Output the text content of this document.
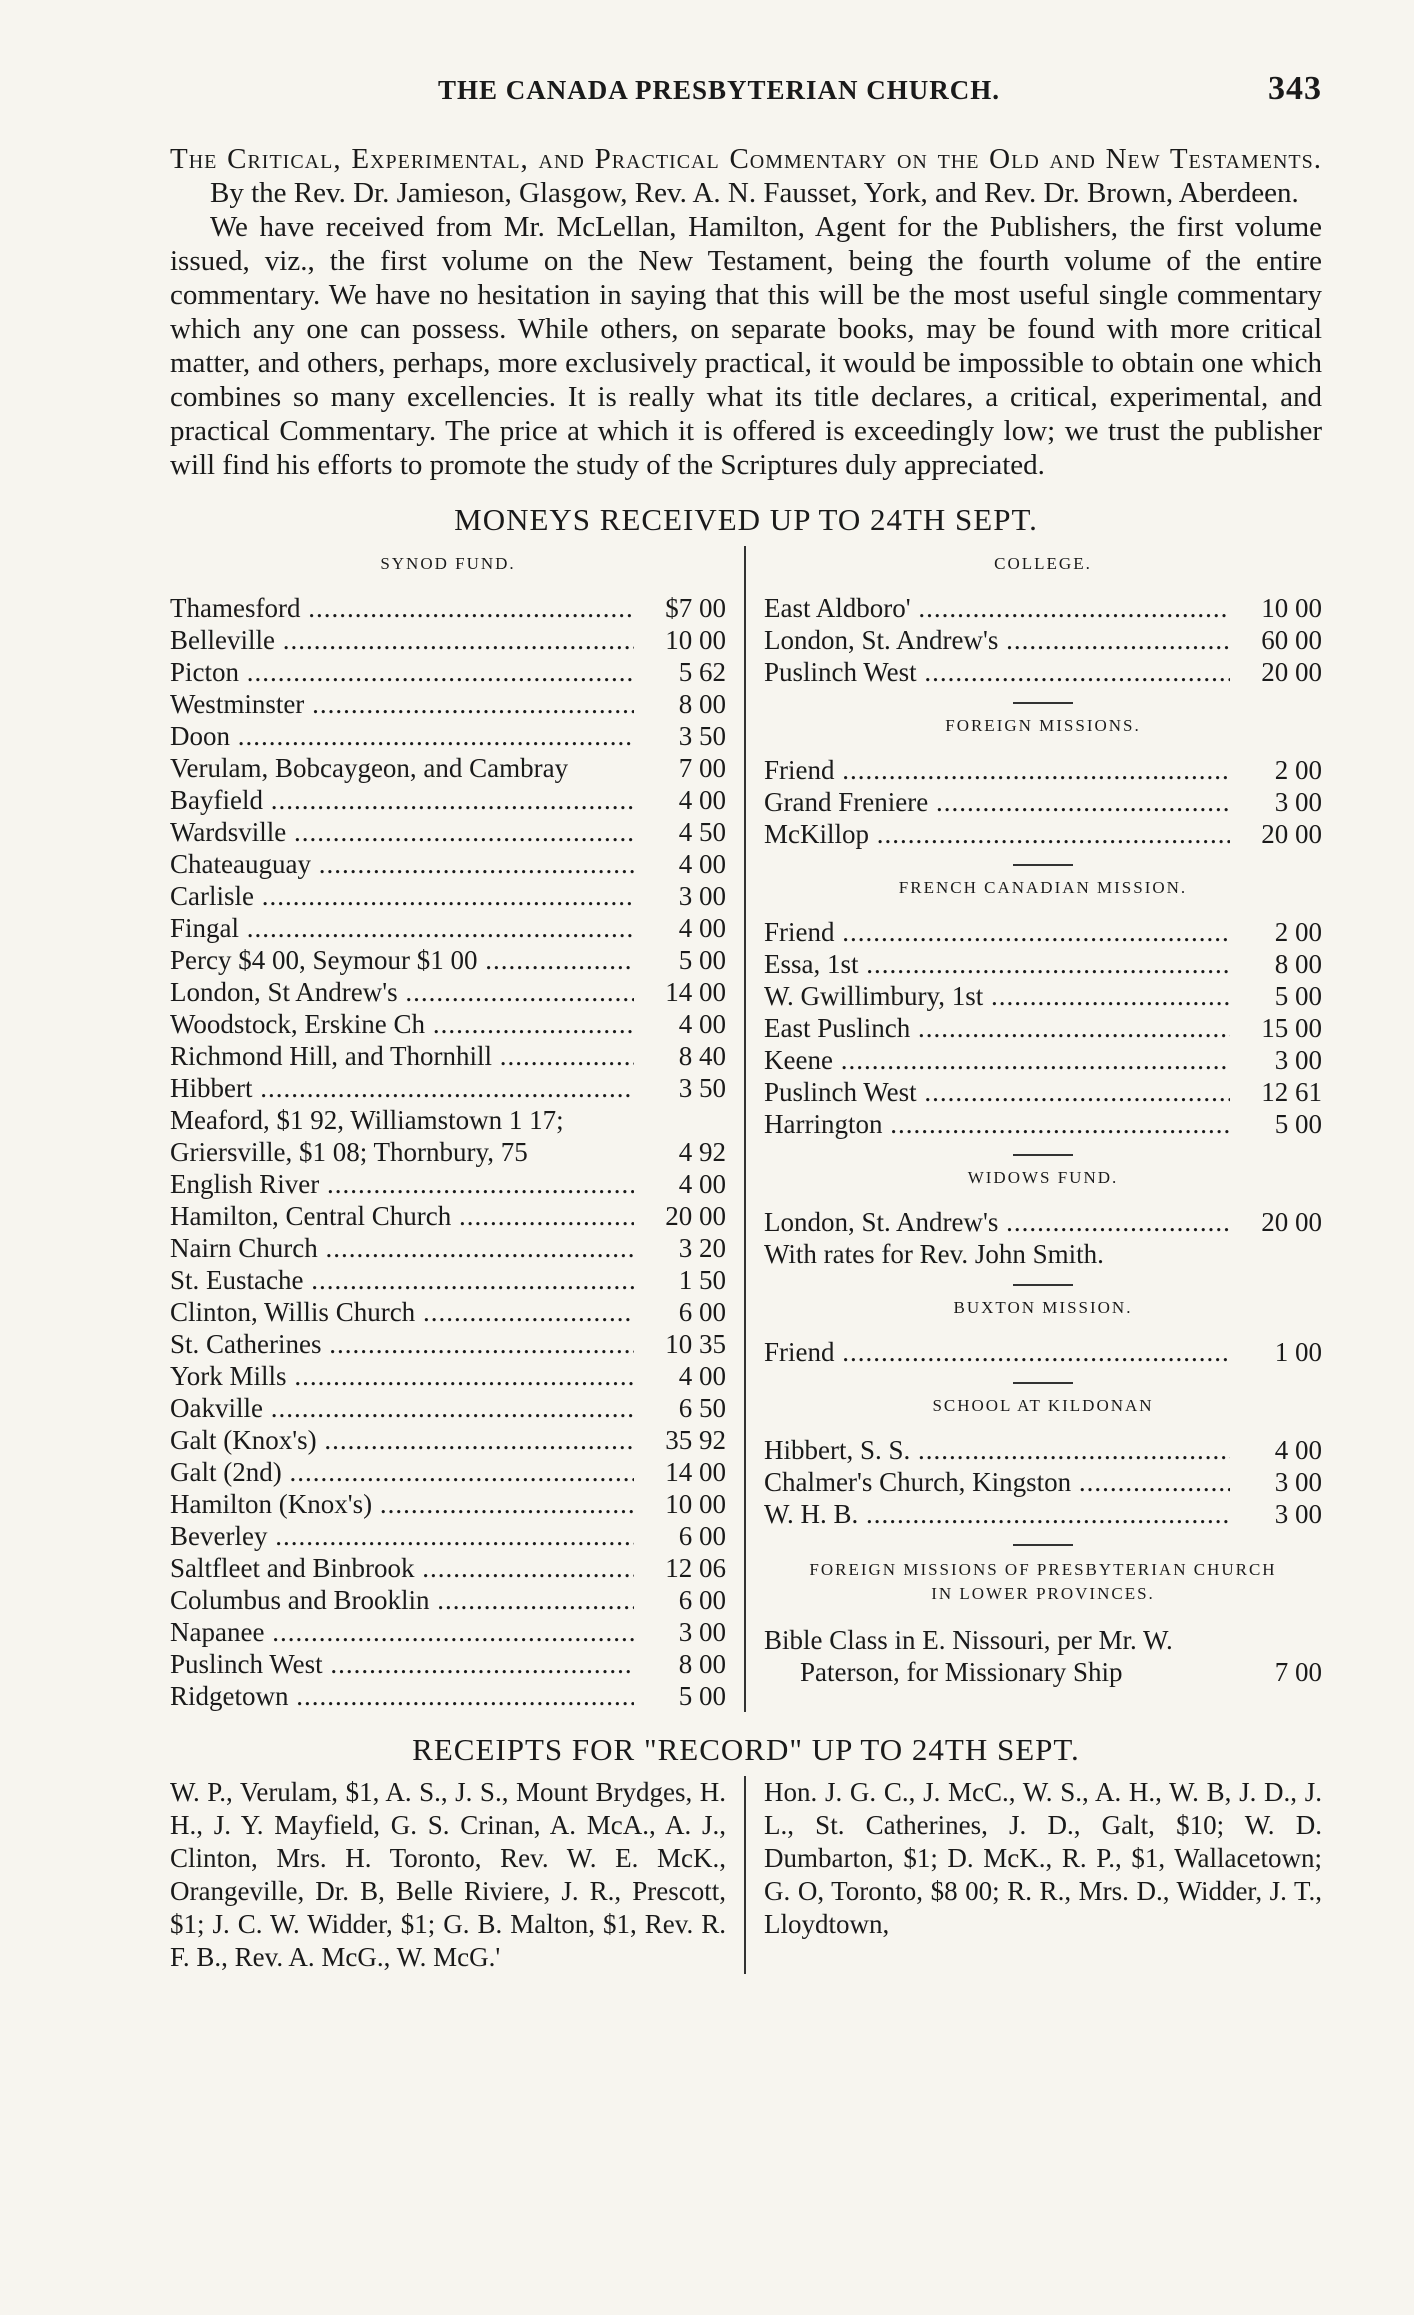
THE CANADA PRESBYTERIAN CHURCH.	343

The Critical, Experimental, and Practical Commentary on the Old and New Testaments. By the Rev. Dr. Jamieson, Glasgow, Rev. A. N. Fausset, York, and Rev. Dr. Brown, Aberdeen.

We have received from Mr. McLellan, Hamilton, Agent for the Publishers, the first volume issued, viz., the first volume on the New Testament, being the fourth volume of the entire commentary. We have no hesitation in saying that this will be the most useful single commentary which any one can possess. While others, on separate books, may be found with more critical matter, and others, perhaps, more exclusively practical, it would be impossible to obtain one which combines so many excellencies. It is really what its title declares, a critical, experimental, and practical Commentary. The price at which it is offered is exceedingly low; we trust the publisher will find his efforts to promote the study of the Scriptures duly appreciated.

MONEYS RECEIVED UP TO 24TH SEPT.
SYNOD FUND.
Thamesford .....	$7 00
Belleville .....	10 00
Picton .....	5 62
Westminster .....	8 00
Doon .....	3 50
Verulam, Bobcaygeon, and Cambray	7 00
Bayfield .....	4 00
Wardsville .....	4 50
Chateauguay .....	4 00
Carlisle .....	3 00
Fingal .....	4 00
Percy $4 00, Seymour $1 00 .....	5 00
London, St Andrew's .....	14 00
Woodstock, Erskine Ch .....	4 00
Richmond Hill, and Thornhill .....	8 40
Hibbert .....	3 50
Meaford, $1 92, Williamstown 1 17; Griersville, $1 08; Thornbury, 75	4 92
English River .....	4 00
Hamilton, Central Church .....	20 00
Nairn Church .....	3 20
St. Eustache .....	1 50
Clinton, Willis Church .....	6 00
St. Catherines .....	10 35
York Mills .....	4 00
Oakville .....	6 50
Galt (Knox's) .....	35 92
Galt (2nd) .....	14 00
Hamilton (Knox's) .....	10 00
Beverley .....	6 00
Saltfleet and Binbrook .....	12 06
Columbus and Brooklin .....	6 00
Napanee .....	3 00
Puslinch West .....	8 00
Ridgetown .....	5 00
COLLEGE.
East Aldboro' .....	10 00
London, St. Andrew's .....	60 00
Puslinch West .....	20 00
FOREIGN MISSIONS.
Friend .....	2 00
Grand Freniere .....	3 00
McKillop .....	20 00
FRENCH CANADIAN MISSION.
Friend .....	2 00
Essa, 1st .....	8 00
W. Gwillimbury, 1st .....	5 00
East Puslinch .....	15 00
Keene .....	3 00
Puslinch West .....	12 61
Harrington .....	5 00
WIDOWS FUND.
London, St. Andrew's .....	20 00
With rates for Rev. John Smith.
BUXTON MISSION.
Friend .....	1 00
SCHOOL AT KILDONAN
Hibbert, S. S. .....	4 00
Chalmer's Church, Kingston .....	3 00
W. H. B. .....	3 00
FOREIGN MISSIONS OF PRESBYTERIAN CHURCH
IN LOWER PROVINCES.
Bible Class in E. Nissouri, per Mr. W. Paterson, for Missionary Ship	7 00
RECEIPTS FOR "RECORD" UP TO 24TH SEPT.
W. P., Verulam, $1, A. S., J. S., Mount Brydges, H. H., J. Y. Mayfield, G. S. Crinan, A. McA., A. J., Clinton, Mrs. H. Toronto, Rev. W. E. McK., Orangeville, Dr. B, Belle Riviere, J. R., Prescott, $1; J. C. W. Widder, $1; G. B. Malton, $1, Rev. R. F. B., Rev. A. McG., W. McG.'
Hon. J. G. C., J. McC., W. S., A. H., W. B, J. D., J. L., St. Catherines, J. D., Galt, $10; W. D. Dumbarton, $1; D. McK., R. P., $1, Wallacetown; G. O, Toronto, $8 00; R. R., Mrs. D., Widder, J. T., Lloydtown,
